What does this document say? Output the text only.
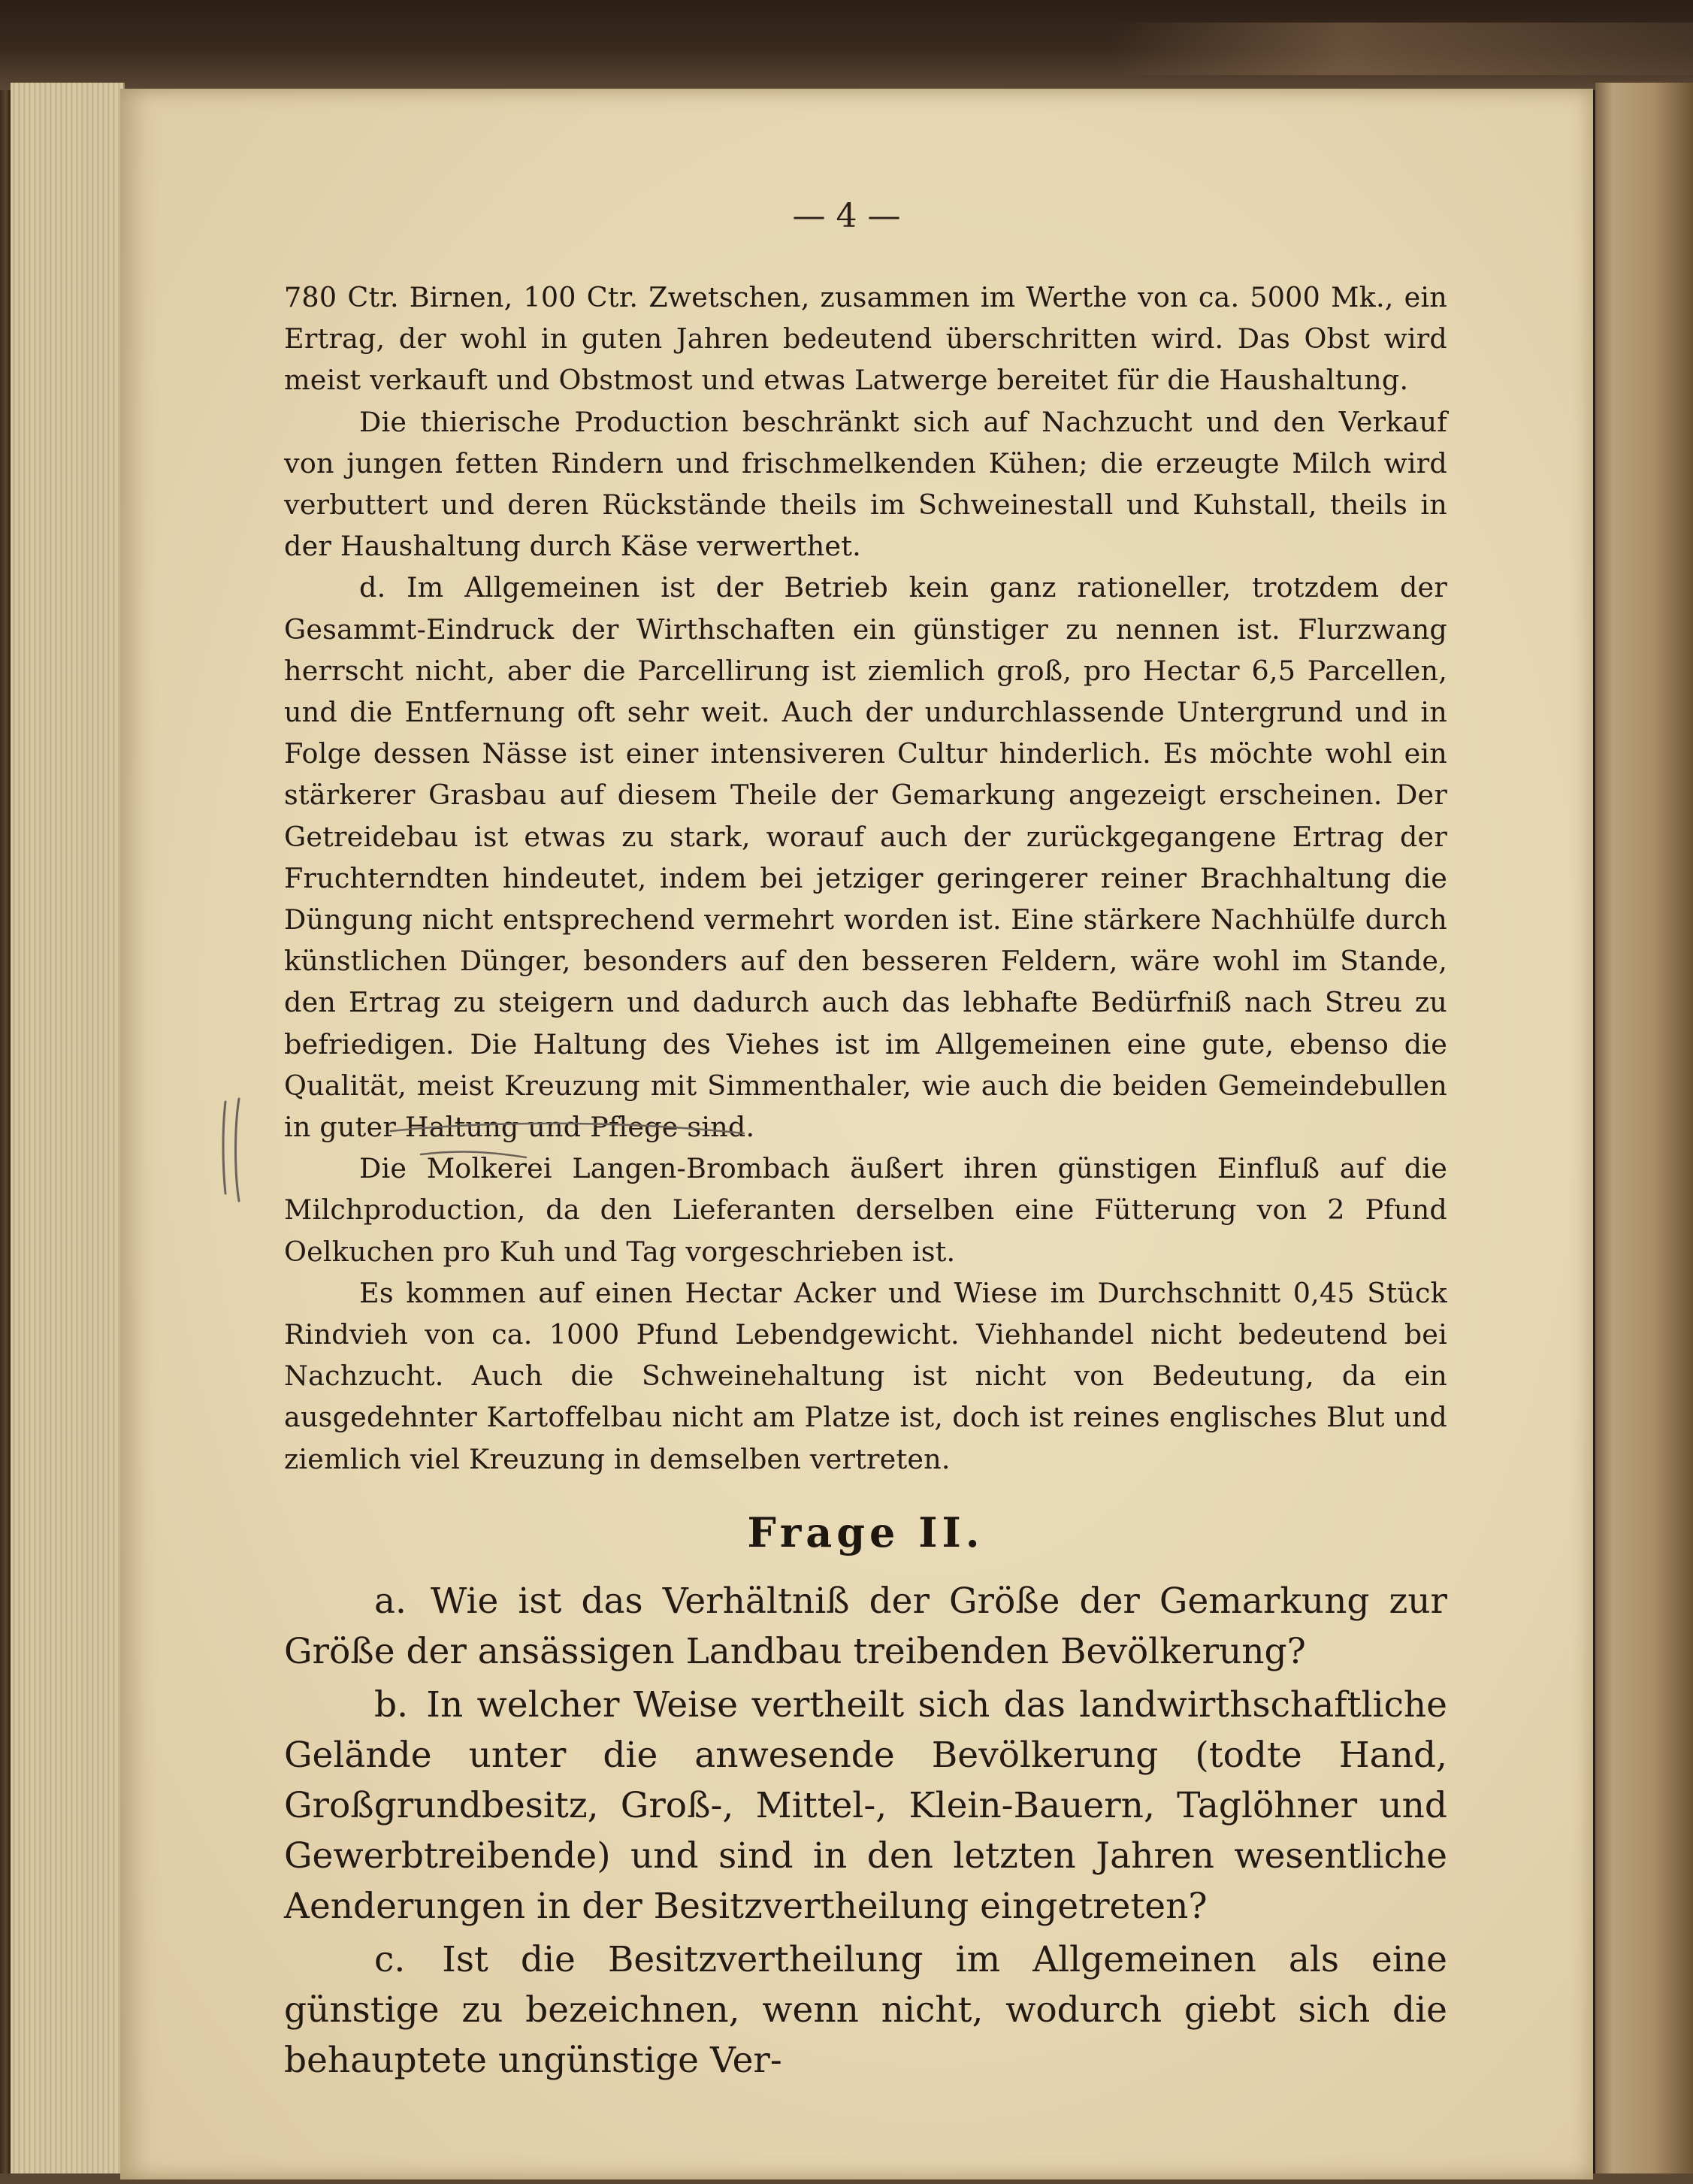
— 4 —

780 Ctr. Birnen, 100 Ctr. Zwetschen, zusammen im Werthe von ca. 5000 Mk., ein Ertrag, der wohl in guten Jahren bedeutend überschritten wird. Das Obst wird meist verkauft und Obstmost und etwas Latwerge bereitet für die Haushaltung.

Die thierische Production beschränkt sich auf Nachzucht und den Verkauf von jungen fetten Rindern und frischmelkenden Kühen; die erzeugte Milch wird verbuttert und deren Rückstände theils im Schweinestall und Kuhstall, theils in der Haushaltung durch Käse verwerthet.

d. Im Allgemeinen ist der Betrieb kein ganz rationeller, trotzdem der Gesammt-Eindruck der Wirthschaften ein günstiger zu nennen ist. Flurzwang herrscht nicht, aber die Parcellirung ist ziemlich groß, pro Hectar 6,5 Parcellen, und die Entfernung oft sehr weit. Auch der undurchlassende Untergrund und in Folge dessen Nässe ist einer intensiveren Cultur hinderlich. Es möchte wohl ein stärkerer Grasbau auf diesem Theile der Gemarkung angezeigt erscheinen. Der Getreidebau ist etwas zu stark, worauf auch der zurückgegangene Ertrag der Fruchterndten hindeutet, indem bei jetziger geringerer reiner Brachhaltung die Düngung nicht entsprechend vermehrt worden ist. Eine stärkere Nachhülfe durch künstlichen Dünger, besonders auf den besseren Feldern, wäre wohl im Stande, den Ertrag zu steigern und dadurch auch das lebhafte Bedürfniß nach Streu zu befriedigen. Die Haltung des Viehes ist im Allgemeinen eine gute, ebenso die Qualität, meist Kreuzung mit Simmenthaler, wie auch die beiden Gemeindebullen in guter Haltung und Pflege sind.

Die Molkerei Langen-Brombach äußert ihren günstigen Einfluß auf die Milchproduction, da den Lieferanten derselben eine Fütterung von 2 Pfund Oelkuchen pro Kuh und Tag vorgeschrieben ist.

Es kommen auf einen Hectar Acker und Wiese im Durchschnitt 0,45 Stück Rindvieh von ca. 1000 Pfund Lebendgewicht. Viehhandel nicht bedeutend bei Nachzucht. Auch die Schweinehaltung ist nicht von Bedeutung, da ein ausgedehnter Kartoffelbau nicht am Platze ist, doch ist reines englisches Blut und ziemlich viel Kreuzung in demselben vertreten.

Frage II.

a. Wie ist das Verhältniß der Größe der Gemarkung zur Größe der ansässigen Landbau treibenden Bevölkerung?

b. In welcher Weise vertheilt sich das landwirthschaftliche Gelände unter die anwesende Bevölkerung (todte Hand, Großgrundbesitz, Groß-, Mittel-, Klein-Bauern, Taglöhner und Gewerbtreibende) und sind in den letzten Jahren wesentliche Aenderungen in der Besitzvertheilung eingetreten?

c. Ist die Besitzvertheilung im Allgemeinen als eine günstige zu bezeichnen, wenn nicht, wodurch giebt sich die behauptete ungünstige Ver-
